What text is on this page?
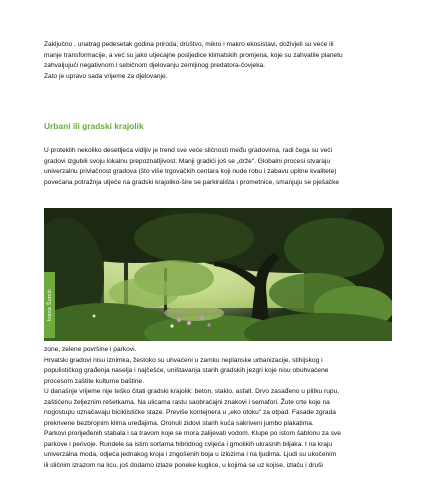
Zaključno , unatrag pedesetak godina priroda, društvo, mikro i makro ekosistavi, doživjeli su veće ili
manje transformacije, a već su jako utjecajne posljedice klimatskih promjena, koje su zahvatile planetu
zahvaljujući negativnom i sebičnom djelovanju zemljinog predatora-čovjeka.
Zato je upravo sada vrijeme za djelovanje.
Urbani ili gradski krajolik
U proteklih nekoliko desetljeća vidljiv je trend sve veće sličnosti među gradovima, radi čega su veći
gradovi izgubili svoju lokalnu prepoznatljivost. Manji gradići još se „drže". Globalni procesi stvaraju
univerzalnu privlačnost gradova (što više trgovačkih centara koji nude robu i zabavu upitne kvalitete)
povećana potražnja utječe na gradski krajoliko-šire se parkirališta i prometnice, smanjuju se pješačke
Ivana Šumić
zone, zelene površine i parkovi.
Hrvatski gradovi nisu iznimka, žestoko su uhvaćeni u zamku neplanske urbanizacije, stihijskog i
populističkog građenja naselja i najčešće, uništavanja starih gradskih jezgri koje nisu obuhvaćene
procesom zaštite kulturne baštine.
U današnje vrijeme nije teško čitati gradski krajolik: beton, staklo, asfalt. Drvo zasađeno u plitku rupu,
zaštićenu željeznim rešetkama. Na ulicama rastu saobraćajni znakovi i semafori. Žute crte koje na
nogostupu označavaju biciklističke staze. Previše kontejnera u „eko otoku" za otpad. Fasade zgrada
prekrivene bezbrojnim klima uređajima. Oronuli zidovi starih kuća sakriveni jumbo plakatima.
Parkovi prorijeđenih stabala i sa travom koje se mora zalijevati vodom. Klupe po istom šablonu za sve
parkove i perivoje. Rundele sa istim sortama hibridnog cvijeća i gmolikih ukrasnih biljaka. I na kraju
univerzalna moda, odjeća jednakog kroja i zngošenih boja u izlozima i na ljudima. Ljudi su ukočenim
ili sličnim izrazom na licu, još dodamo izlaze poneke kuglice, u kojima se uz kojise, izlaču i druši
